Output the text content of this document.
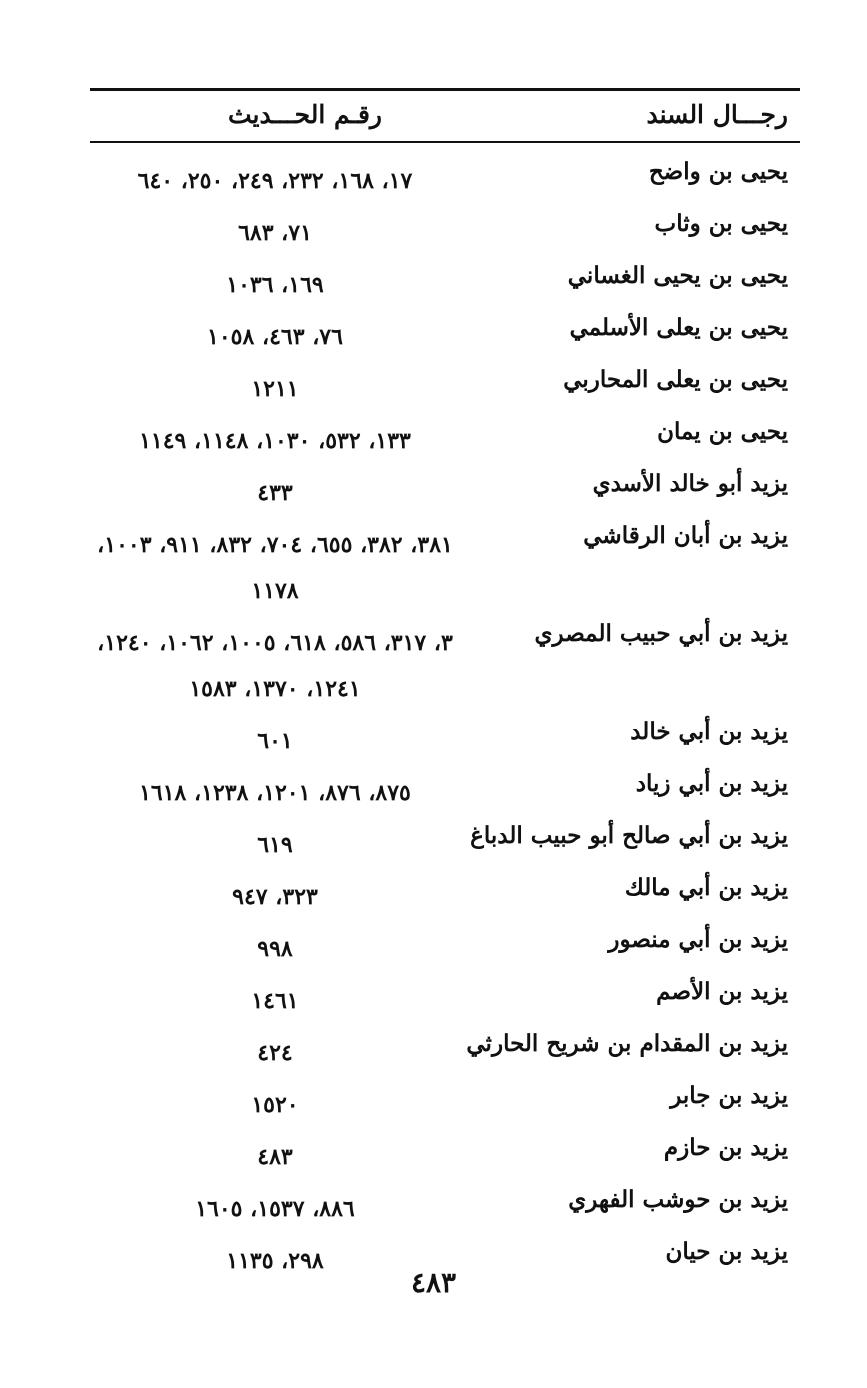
رجـــال السند
رقـم الحـــديث
يحيى بن واضح
١٧، ١٦٨، ٢٣٢، ٢٤٩، ٢٥٠، ٦٤٠
يحيى بن وثاب
٧١، ٦٨٣
يحيى بن يحيى الغساني
١٦٩، ١٠٣٦
يحيى بن يعلى الأسلمي
٧٦، ٤٦٣، ١٠٥٨
يحيى بن يعلى المحاربي
١٢١١
يحيى بن يمان
١٣٣، ٥٣٢، ١٠٣٠، ١١٤٨، ١١٤٩
يزيد أبو خالد الأسدي
٤٣٣
يزيد بن أبان الرقاشي
٣٨١، ٣٨٢، ٦٥٥، ٧٠٤، ٨٣٢، ٩١١، ١٠٠٣، ١١٧٨
يزيد بن أبي حبيب المصري
٣، ٣١٧، ٥٨٦، ٦١٨، ١٠٠٥، ١٠٦٢، ١٢٤٠، ١٢٤١، ١٣٧٠، ١٥٨٣
يزيد بن أبي خالد
٦٠١
يزيد بن أبي زياد
٨٧٥، ٨٧٦، ١٢٠١، ١٢٣٨، ١٦١٨
يزيد بن أبي صالح أبو حبيب الدباغ
٦١٩
يزيد بن أبي مالك
٣٢٣، ٩٤٧
يزيد بن أبي منصور
٩٩٨
يزيد بن الأصم
١٤٦١
يزيد بن المقدام بن شريح الحارثي
٤٢٤
يزيد بن جابر
١٥٢٠
يزيد بن حازم
٤٨٣
يزيد بن حوشب الفهري
٨٨٦، ١٥٣٧، ١٦٠٥
يزيد بن حيان
٢٩٨، ١١٣٥
٤٨٣
